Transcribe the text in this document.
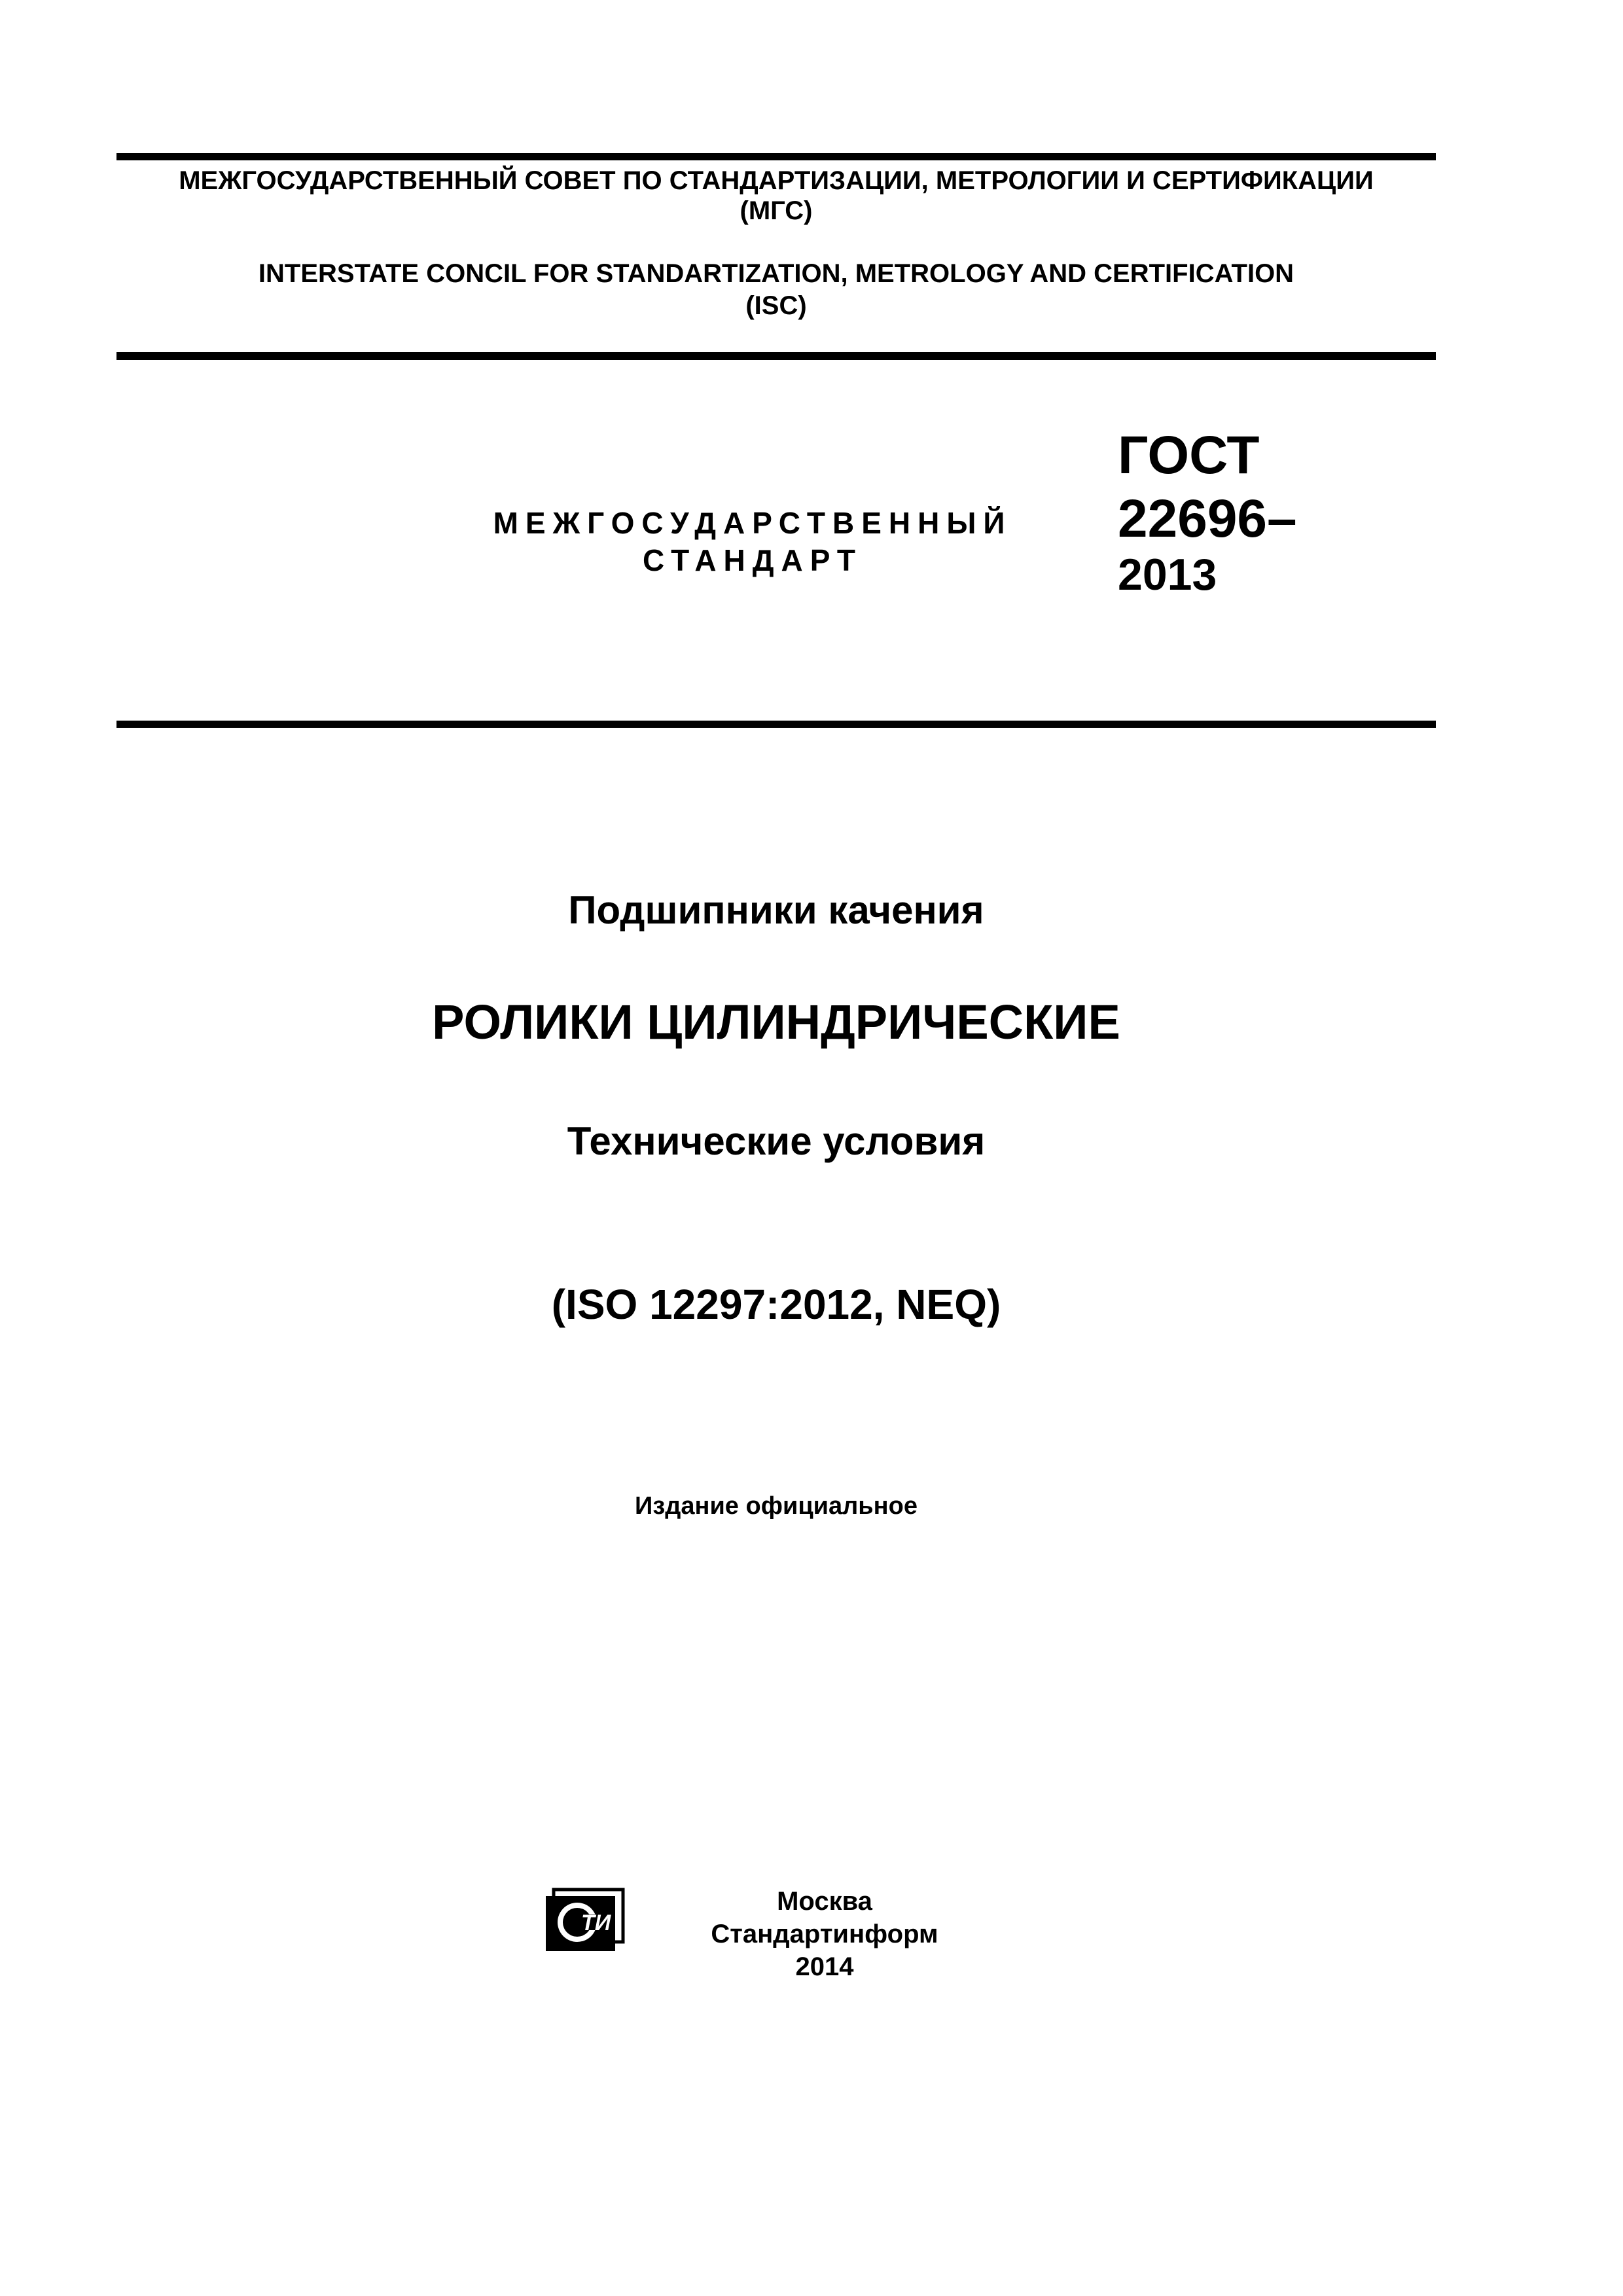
МЕЖГОСУДАРСТВЕННЫЙ СОВЕТ ПО СТАНДАРТИЗАЦИИ, МЕТРОЛОГИИ И СЕРТИФИКАЦИИ
(МГС)
INTERSTATE CONCIL FOR STANDARTIZATION, METROLOGY AND CERTIFICATION
(ISC)
МЕЖГОСУДАРСТВЕННЫЙ
СТАНДАРТ
ГОСТ
22696–
2013
Подшипники качения
РОЛИКИ ЦИЛИНДРИЧЕСКИЕ
Технические условия
(ISO 12297:2012, NEQ)
Издание официальное
ТИ
Москва
Стандартинформ
2014
